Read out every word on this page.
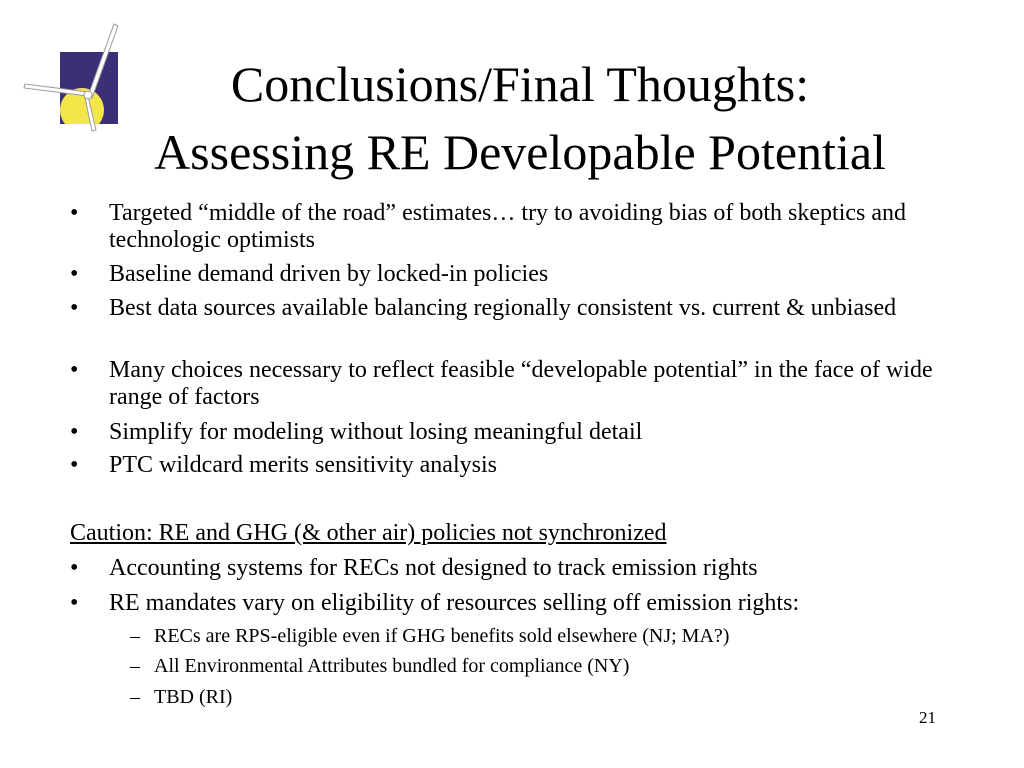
Conclusions/Final Thoughts:
Assessing RE Developable Potential
•	Targeted “middle of the road” estimates… try to avoiding bias of both skeptics and technologic optimists
•	Baseline demand driven by locked-in policies
•	Best data sources available balancing regionally consistent vs. current & unbiased
•	Many choices necessary to reflect feasible “developable potential” in the face of wide range of factors
•	Simplify for modeling without losing meaningful detail
•	PTC wildcard merits sensitivity analysis
Caution: RE and GHG (& other air) policies not synchronized
•	Accounting systems for RECs not designed to track emission rights
•	RE mandates vary on eligibility of resources selling off emission rights:
– RECs are RPS-eligible even if GHG benefits sold elsewhere (NJ; MA?)
– All Environmental Attributes bundled for compliance (NY)
– TBD (RI)
21
